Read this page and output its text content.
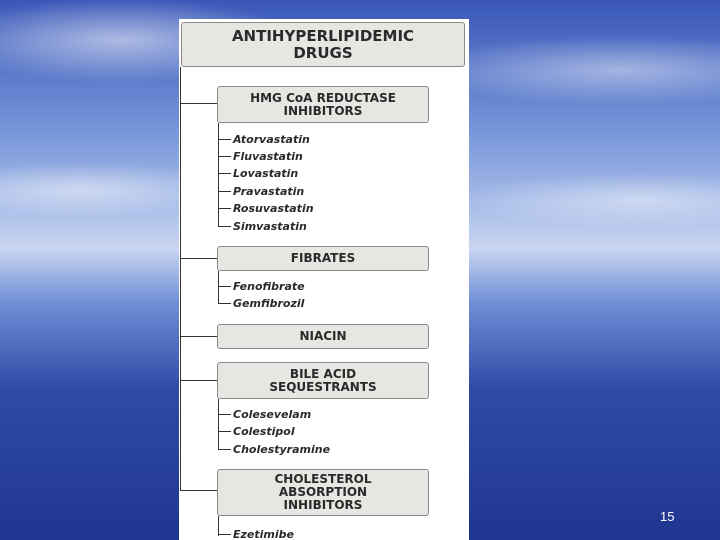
ANTIHYPERLIPIDEMIC
DRUGS
HMG CoA REDUCTASE
INHIBITORS
Atorvastatin
Fluvastatin
Lovastatin
Pravastatin
Rosuvastatin
Simvastatin
FIBRATES
Fenofibrate
Gemfibrozil
NIACIN
BILE ACID
SEQUESTRANTS
Colesevelam
Colestipol
Cholestyramine
CHOLESTEROL
ABSORPTION
INHIBITORS
Ezetimibe
15
